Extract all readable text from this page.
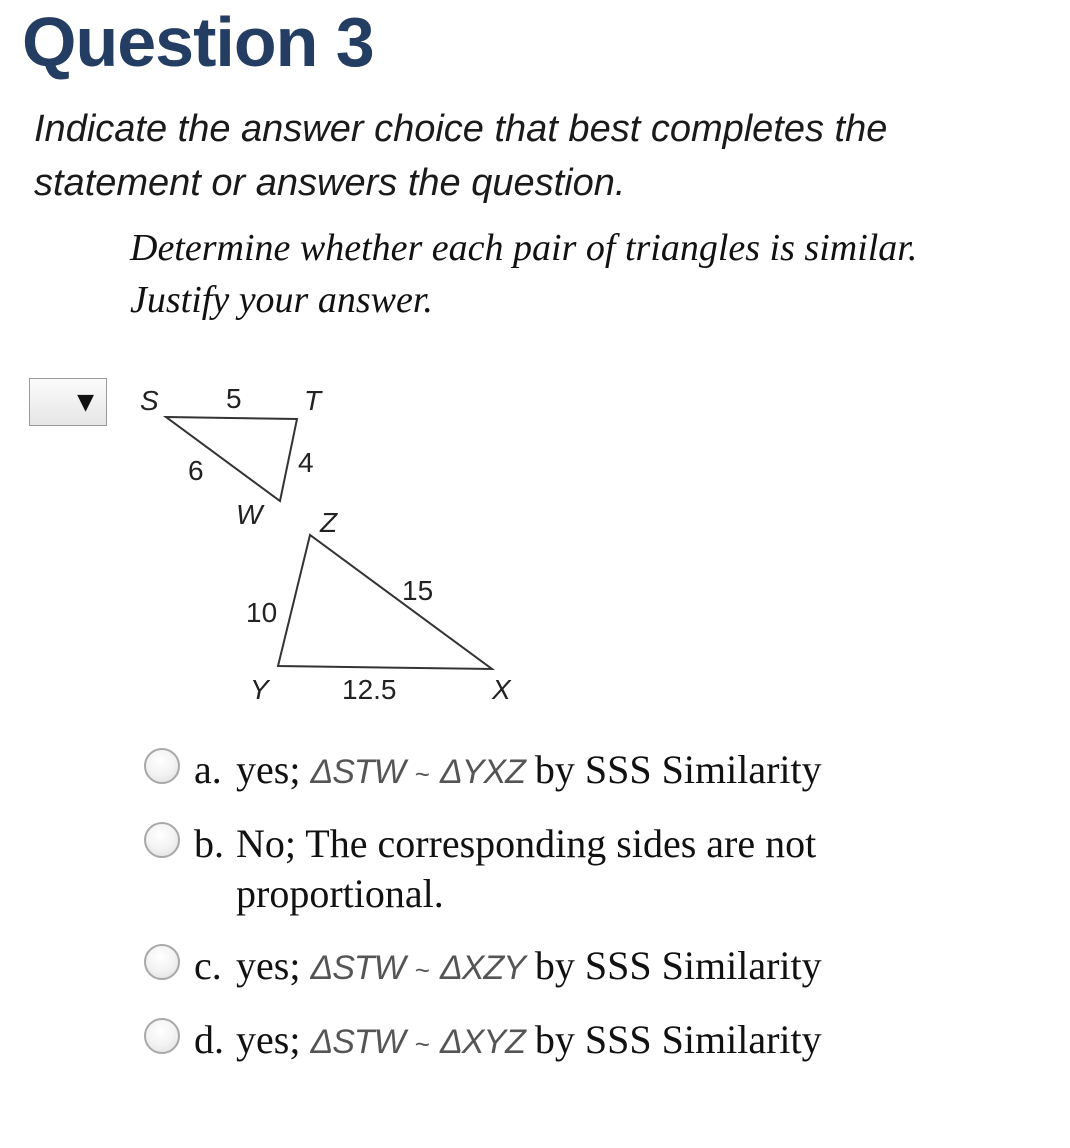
Question 3

Indicate the answer choice that best completes the statement or answers the question.

Determine whether each pair of triangles is similar. Justify your answer.

▼ S 5 T
4
6
W Z
10
15
Y	12.5	X
a. yes; ΔSTW ~ ΔYXZ by SSS Similarity
b. No; The corresponding sides are not proportional.
c. yes; ΔSTW ~ ΔXZY by SSS Similarity
d. yes; ΔSTW ~ ΔXYZ by SSS Similarity
